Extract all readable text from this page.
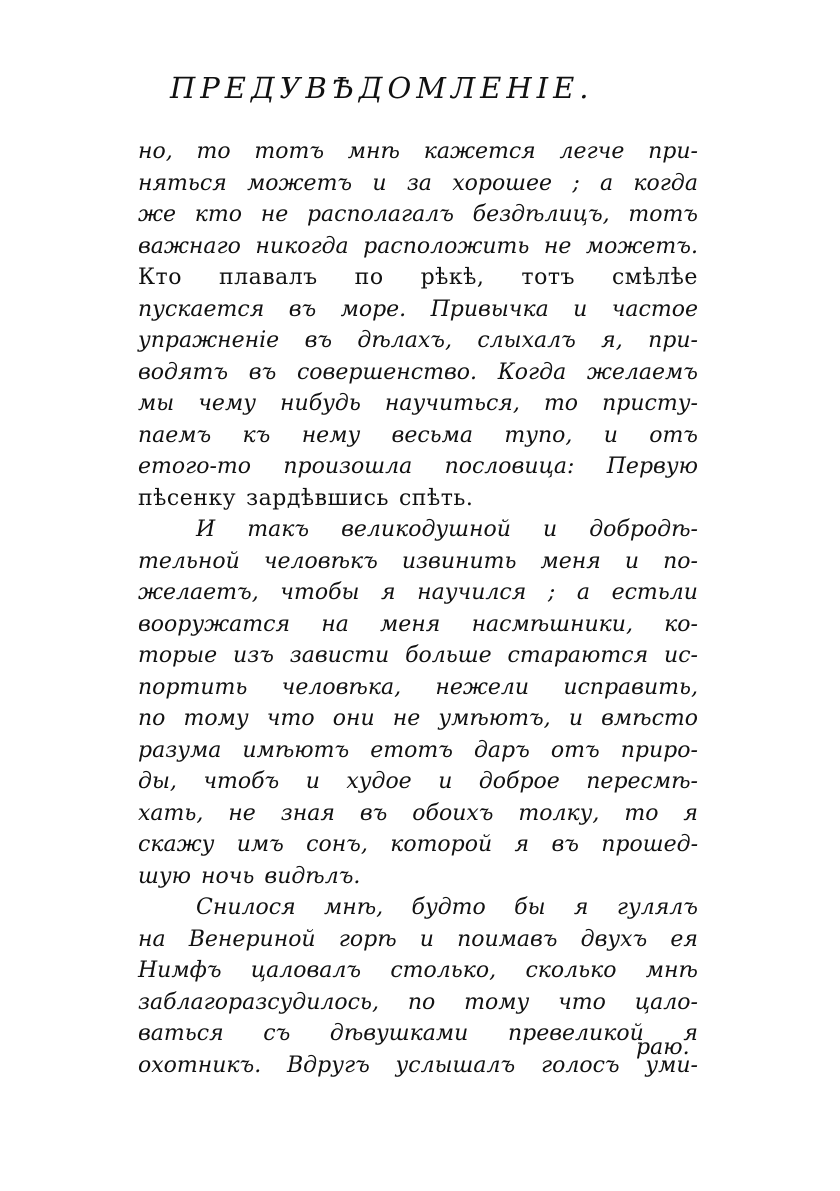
ПРЕДУВѢДОМЛЕНІЕ.
но, то тотъ мнѣ кажется легче при-
няться можетъ и за хорошее ; а когда
же кто не располагалъ бездѣлицъ, тотъ
важнаго никогда расположить не можетъ.
Кто плавалъ по рѣкѣ, тотъ смѣлѣе
пускается въ море. Привычка и частое
упражненіе въ дѣлахъ, слыхалъ я, при-
водятъ въ совершенство. Когда желаемъ
мы чему нибудь научиться, то присту-
паемъ къ нему весьма тупо, и отъ
етого-то произошла пословица: Первую
пѣсенку зардѣвшись спѣть.
И такъ великодушной и добродѣ-
тельной человѣкъ извинить меня и по-
желаетъ, чтобы я научился ; а естьли
вооружатся на меня насмѣшники, ко-
торые изъ зависти больше стараются ис-
портить человѣка, нежели исправить,
по тому что они не умѣютъ, и вмѣсто
разума имѣютъ етотъ даръ отъ приро-
ды, чтобъ и худое и доброе пересмѣ-
хать, не зная въ обоихъ толку, то я
скажу имъ сонъ, которой я въ прошед-
шую ночь видѣлъ.
Снилося мнѣ, будто бы я гулялъ
на Венериной горѣ и поимавъ двухъ ея
Нимфъ цаловалъ столько, сколько мнѣ
заблагоразсудилось, по тому что цало-
ваться съ дѣвушками превеликой я
охотникъ. Вдругъ услышалъ голосъ уми-
раю.
